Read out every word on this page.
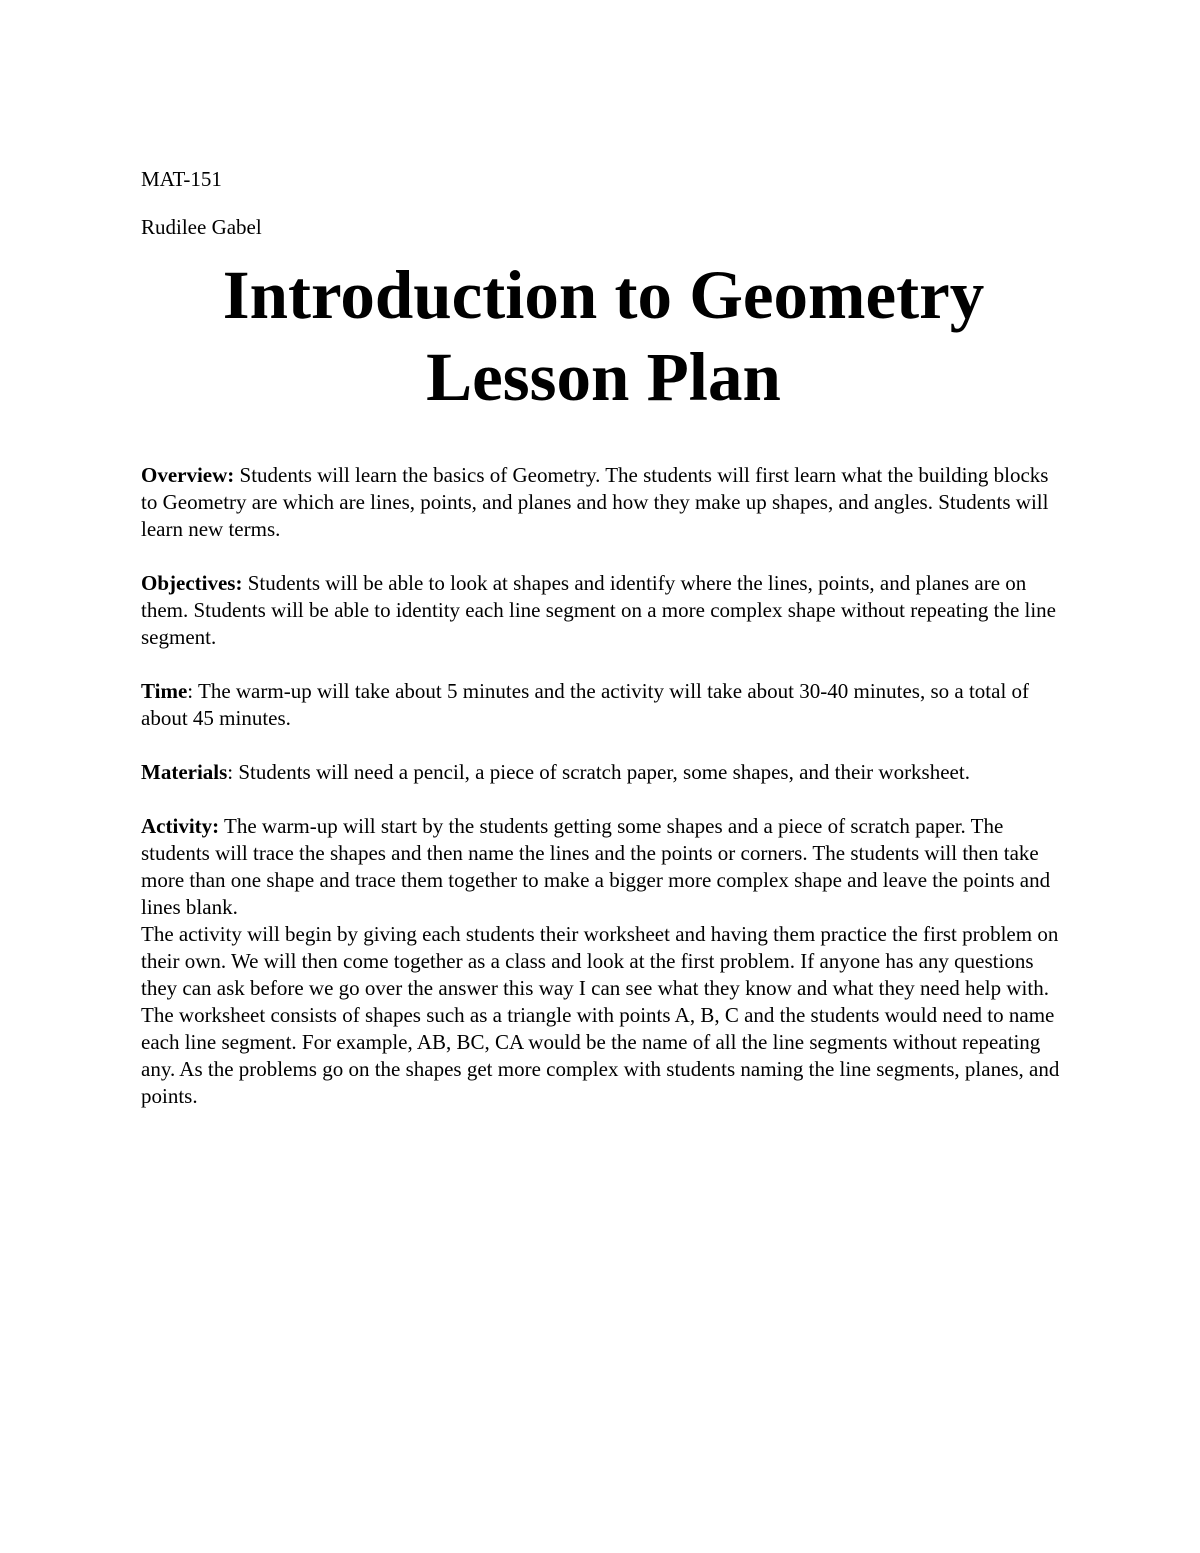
MAT-151

Rudilee Gabel

Introduction to Geometry
Lesson Plan

Overview: Students will learn the basics of Geometry. The students will first learn what the building blocks to Geometry are which are lines, points, and planes and how they make up shapes, and angles. Students will learn new terms.

Objectives: Students will be able to look at shapes and identify where the lines, points, and planes are on them. Students will be able to identity each line segment on a more complex shape without repeating the line segment.

Time: The warm-up will take about 5 minutes and the activity will take about 30-40 minutes, so a total of about 45 minutes.

Materials: Students will need a pencil, a piece of scratch paper, some shapes, and their worksheet.

Activity: The warm-up will start by the students getting some shapes and a piece of scratch paper. The students will trace the shapes and then name the lines and the points or corners. The students will then take more than one shape and trace them together to make a bigger more complex shape and leave the points and lines blank.
The activity will begin by giving each students their worksheet and having them practice the first problem on their own. We will then come together as a class and look at the first problem. If anyone has any questions they can ask before we go over the answer this way I can see what they know and what they need help with. The worksheet consists of shapes such as a triangle with points A, B, C and the students would need to name each line segment. For example, AB, BC, CA would be the name of all the line segments without repeating any. As the problems go on the shapes get more complex with students naming the line segments, planes, and points.
